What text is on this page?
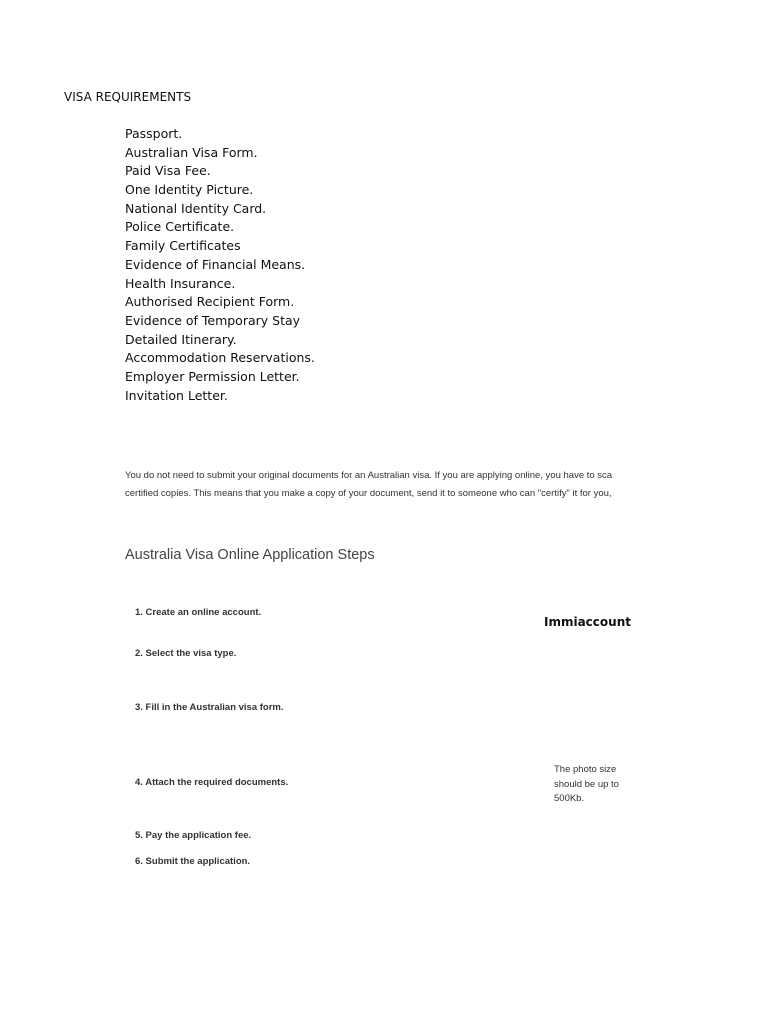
VISA REQUIREMENTS
Passport.
Australian Visa Form.
Paid Visa Fee.
One Identity Picture.
National Identity Card.
Police Certificate.
Family Certificates
Evidence of Financial Means.
Health Insurance.
Authorised Recipient Form.
Evidence of Temporary Stay
Detailed Itinerary.
Accommodation Reservations.
Employer Permission Letter.
Invitation Letter.
You do not need to submit your original documents for an Australian visa. If you are applying online, you have to sca
certified copies. This means that you make a copy of your document, send it to someone who can "certify" it for you,
Australia Visa Online Application Steps
1. Create an online account.
2. Select the visa type.
3. Fill in the Australian visa form.
4. Attach the required documents.
5. Pay the application fee.
6. Submit the application.
Immiaccount
The photo size should be up to 500Kb.
